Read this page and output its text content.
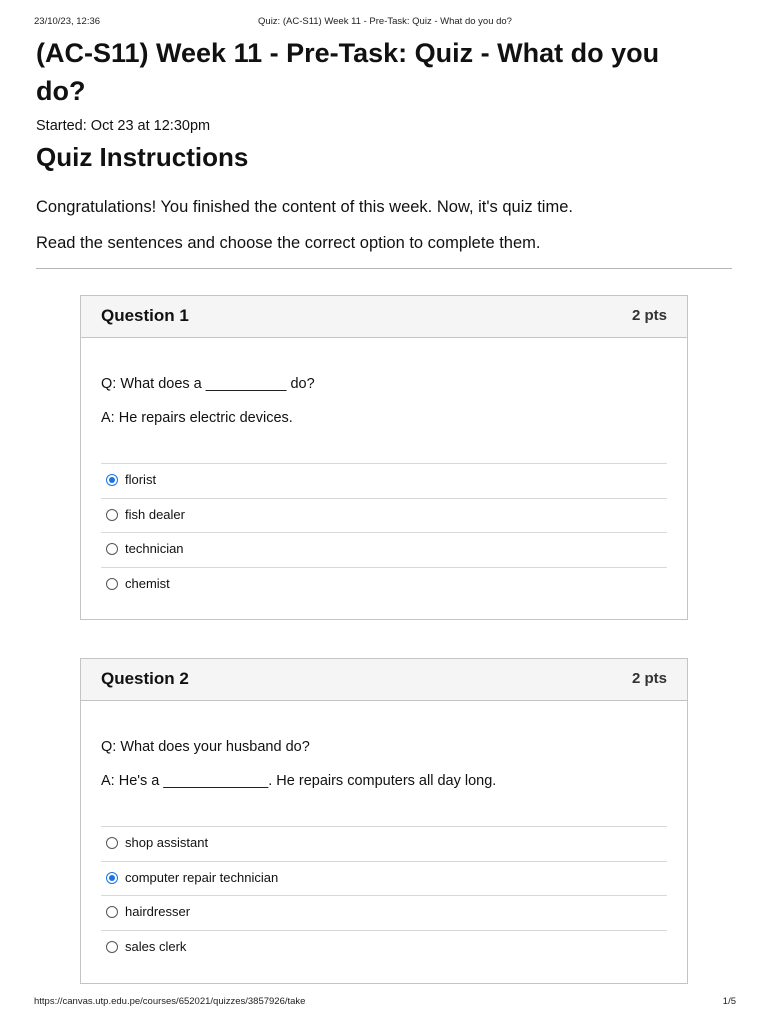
23/10/23, 12:36	Quiz: (AC-S11) Week 11 - Pre-Task: Quiz - What do you do?
(AC-S11) Week 11 - Pre-Task: Quiz - What do you do?
Started: Oct 23 at 12:30pm
Quiz Instructions

Congratulations! You finished the content of this week. Now, it's quiz time.

Read the sentences and choose the correct option to complete them.

Question 1	2 pts
Q: What does a __________ do?
A: He repairs electric devices.
florist
fish dealer
technician
chemist
Question 2	2 pts
Q: What does your husband do?
A: He's a _____________. He repairs computers all day long.
shop assistant
computer repair technician
hairdresser
sales clerk
https://canvas.utp.edu.pe/courses/652021/quizzes/3857926/take	1/5
